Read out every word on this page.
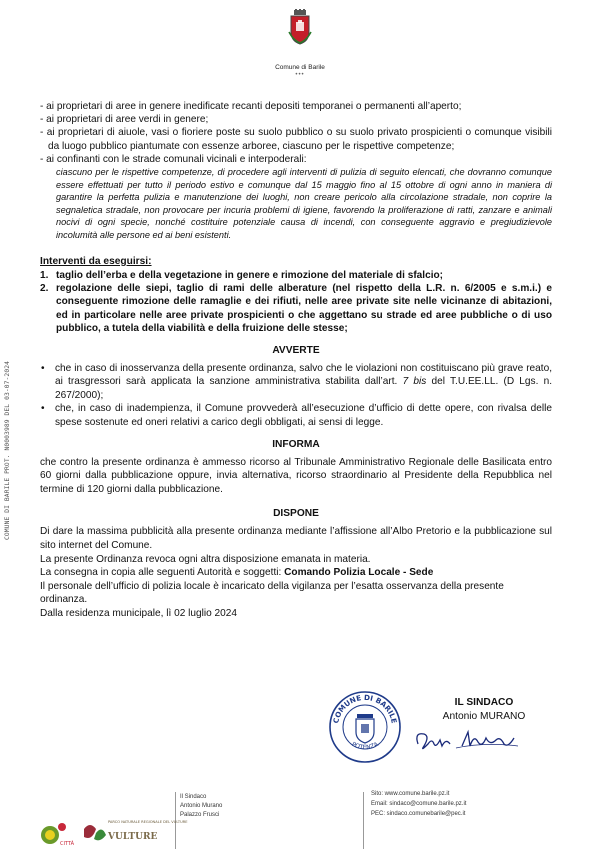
Comune di Barile
•••
COMUNE DI BARILE PROT. N0003989 DEL 03-07-2024
- ai proprietari di aree in genere inedificate recanti depositi temporanei o permanenti all’aperto;
- ai proprietari di aree verdi in genere;
- ai proprietari di aiuole, vasi o fioriere poste su suolo pubblico o su suolo privato prospicienti o comunque visibili da luogo pubblico piantumate con essenze arboree, ciascuno per le rispettive competenze;
- ai confinanti con le strade comunali vicinali e interpoderali:

ciascuno per le rispettive competenze, di procedere agli interventi di pulizia di seguito elencati, che dovranno comunque essere effettuati per tutto il periodo estivo e comunque dal 15 maggio fino al 15 ottobre di ogni anno in maniera di garantire la perfetta pulizia e manutenzione dei luoghi, non creare pericolo alla circolazione stradale, non coprire la segnaletica stradale, non provocare per incuria problemi di igiene, favorendo la proliferazione di ratti, zanzare e animali nocivi di ogni specie, nonché costituire potenziale causa di incendi, con conseguente aggravio e pregiudizievole incolumità alle persone ed ai beni esistenti.

Interventi da eseguirsi:
1. taglio dell’erba e della vegetazione in genere e rimozione del materiale di sfalcio;
2. regolazione delle siepi, taglio di rami delle alberature (nel rispetto della L.R. n. 6/2005 e s.m.i.) e conseguente rimozione delle ramaglie e dei rifiuti, nelle aree private site nelle vicinanze di abitazioni, ed in particolare nelle aree private prospicienti o che aggettano su strade ed aree pubbliche o di uso pubblico, a tutela della viabilità e della fruizione delle stesse;
AVVERTE
• che in caso di inosservanza della presente ordinanza, salvo che le violazioni non costituiscano più grave reato, ai trasgressori sarà applicata la sanzione amministrativa stabilita dall’art. 7 bis del T.U.EE.LL. (D Lgs. n. 267/2000);
• che, in caso di inadempienza, il Comune provvederà all’esecuzione d’ufficio di dette opere, con rivalsa delle spese sostenute ed oneri relativi a carico degli obbligati, ai sensi di legge.
INFORMA

che contro la presente ordinanza è ammesso ricorso al Tribunale Amministrativo Regionale delle Basilicata entro 60 giorni dalla pubblicazione oppure, invia alternativa, ricorso straordinario al Presidente della Repubblica nel termine di 120 giorni dalla pubblicazione.

DISPONE

Di dare la massima pubblicità alla presente ordinanza mediante l’affissione all’Albo Pretorio e la pubblicazione sul sito internet del Comune.

La presente Ordinanza revoca ogni altra disposizione emanata in materia.

La consegna in copia alle seguenti Autorità e soggetti: Comando Polizia Locale - Sede

Il personale dell’ufficio di polizia locale è incaricato della vigilanza per l’esatta osservanza della presente ordinanza.

Dalla residenza municipale, lì 02 luglio 2024

COMUNE DI BARILE
POTENZA
IL SINDACO
Antonio MURANO
CITTÀ
PARCO NATURALE REGIONALE DEL VULTURE
VULTURE
Il Sindaco
Antonio Murano
Palazzo Frusci
Sito: www.comune.barile.pz.it
Email: sindaco@comune.barile.pz.it
PEC: sindaco.comunebarile@pec.it
